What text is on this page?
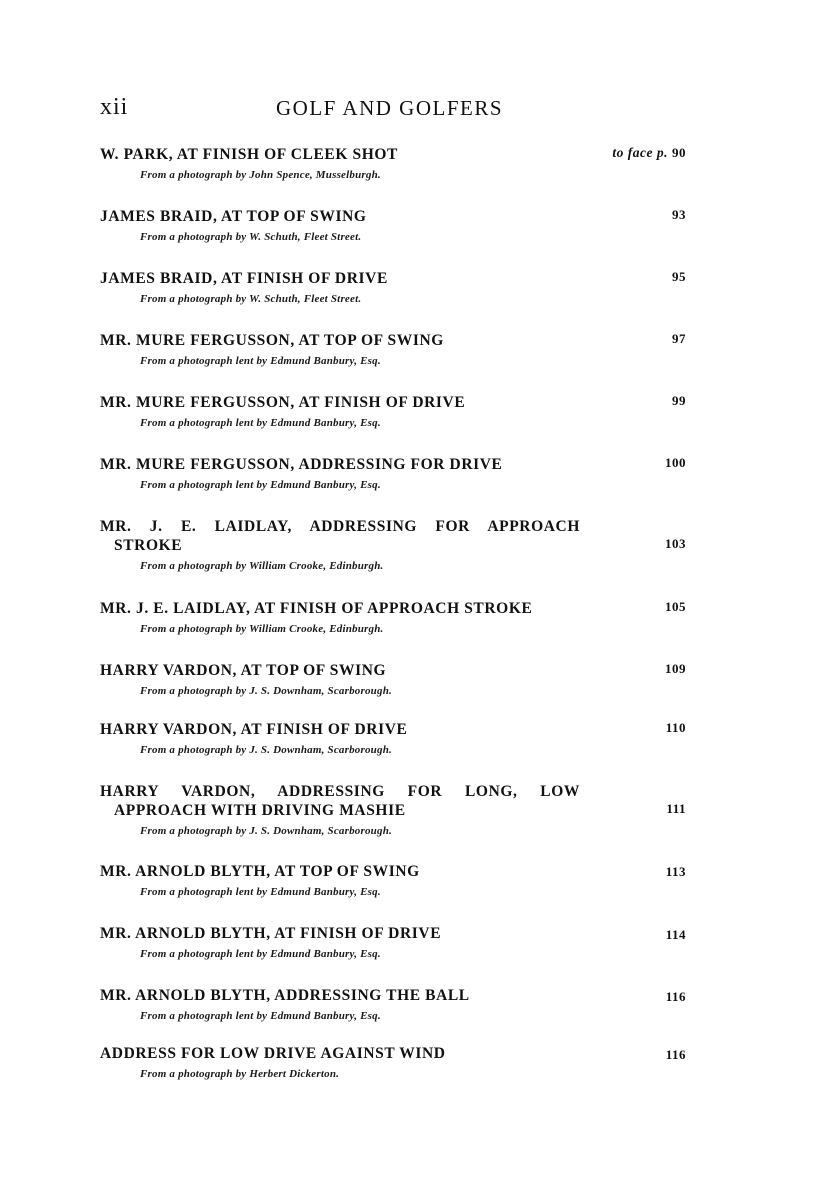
xii	GOLF AND GOLFERS
W. PARK, AT FINISH OF CLEEK SHOT
From a photograph by John Spence, Musselburgh.
to face p. 90
JAMES BRAID, AT TOP OF SWING
From a photograph by W. Schuth, Fleet Street.
93
JAMES BRAID, AT FINISH OF DRIVE
From a photograph by W. Schuth, Fleet Street.
95
MR. MURE FERGUSSON, AT TOP OF SWING
From a photograph lent by Edmund Banbury, Esq.
97
MR. MURE FERGUSSON, AT FINISH OF DRIVE
From a photograph lent by Edmund Banbury, Esq.
99
MR. MURE FERGUSSON, ADDRESSING FOR DRIVE
From a photograph lent by Edmund Banbury, Esq.
100
MR. J. E. LAIDLAY, ADDRESSING FOR APPROACH
STROKE
From a photograph by William Crooke, Edinburgh.
103
MR. J. E. LAIDLAY, AT FINISH OF APPROACH STROKE
From a photograph by William Crooke, Edinburgh.
105
HARRY VARDON, AT TOP OF SWING
From a photograph by J. S. Downham, Scarborough.
109
HARRY VARDON, AT FINISH OF DRIVE
From a photograph by J. S. Downham, Scarborough.
110
HARRY VARDON, ADDRESSING FOR LONG, LOW
APPROACH WITH DRIVING MASHIE
From a photograph by J. S. Downham, Scarborough.
111
MR. ARNOLD BLYTH, AT TOP OF SWING
From a photograph lent by Edmund Banbury, Esq.
113
MR. ARNOLD BLYTH, AT FINISH OF DRIVE
From a photograph lent by Edmund Banbury, Esq.
114
MR. ARNOLD BLYTH, ADDRESSING THE BALL
From a photograph lent by Edmund Banbury, Esq.
116
ADDRESS FOR LOW DRIVE AGAINST WIND
From a photograph by Herbert Dickerton.
116
